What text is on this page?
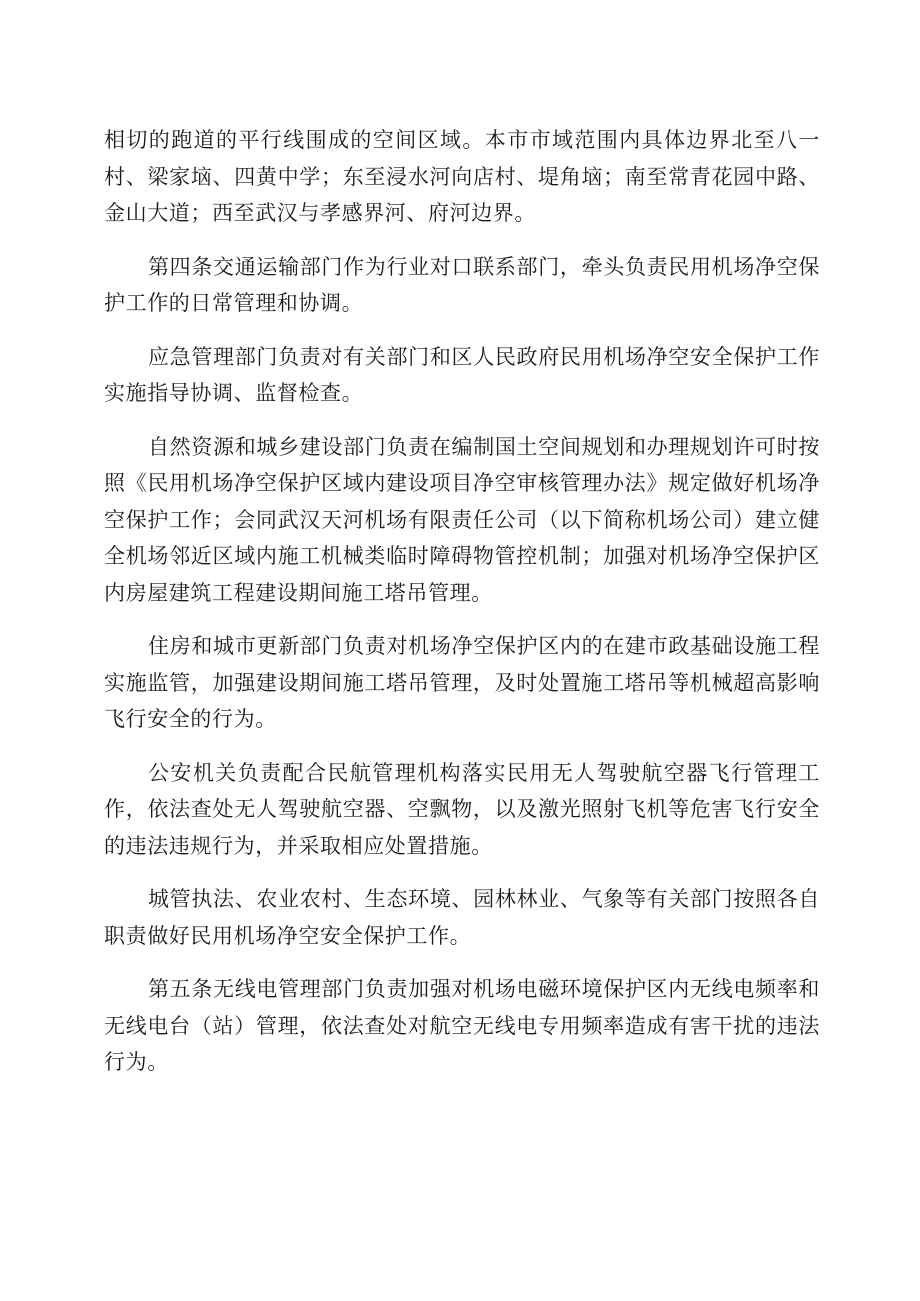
相切的跑道的平行线围成的空间区域。本市市域范围内具体边界北至八一村、梁家垴、四黄中学；东至浸水河向店村、堤角垴；南至常青花园中路、金山大道；西至武汉与孝感界河、府河边界。

第四条交通运输部门作为行业对口联系部门，牵头负责民用机场净空保护工作的日常管理和协调。

应急管理部门负责对有关部门和区人民政府民用机场净空安全保护工作实施指导协调、监督检查。

自然资源和城乡建设部门负责在编制国土空间规划和办理规划许可时按照《民用机场净空保护区域内建设项目净空审核管理办法》规定做好机场净空保护工作；会同武汉天河机场有限责任公司（以下简称机场公司）建立健全机场邻近区域内施工机械类临时障碍物管控机制；加强对机场净空保护区内房屋建筑工程建设期间施工塔吊管理。

住房和城市更新部门负责对机场净空保护区内的在建市政基础设施工程实施监管，加强建设期间施工塔吊管理，及时处置施工塔吊等机械超高影响飞行安全的行为。

公安机关负责配合民航管理机构落实民用无人驾驶航空器飞行管理工作，依法查处无人驾驶航空器、空飘物，以及激光照射飞机等危害飞行安全的违法违规行为，并采取相应处置措施。

城管执法、农业农村、生态环境、园林林业、气象等有关部门按照各自职责做好民用机场净空安全保护工作。

第五条无线电管理部门负责加强对机场电磁环境保护区内无线电频率和无线电台（站）管理，依法查处对航空无线电专用频率造成有害干扰的违法行为。
